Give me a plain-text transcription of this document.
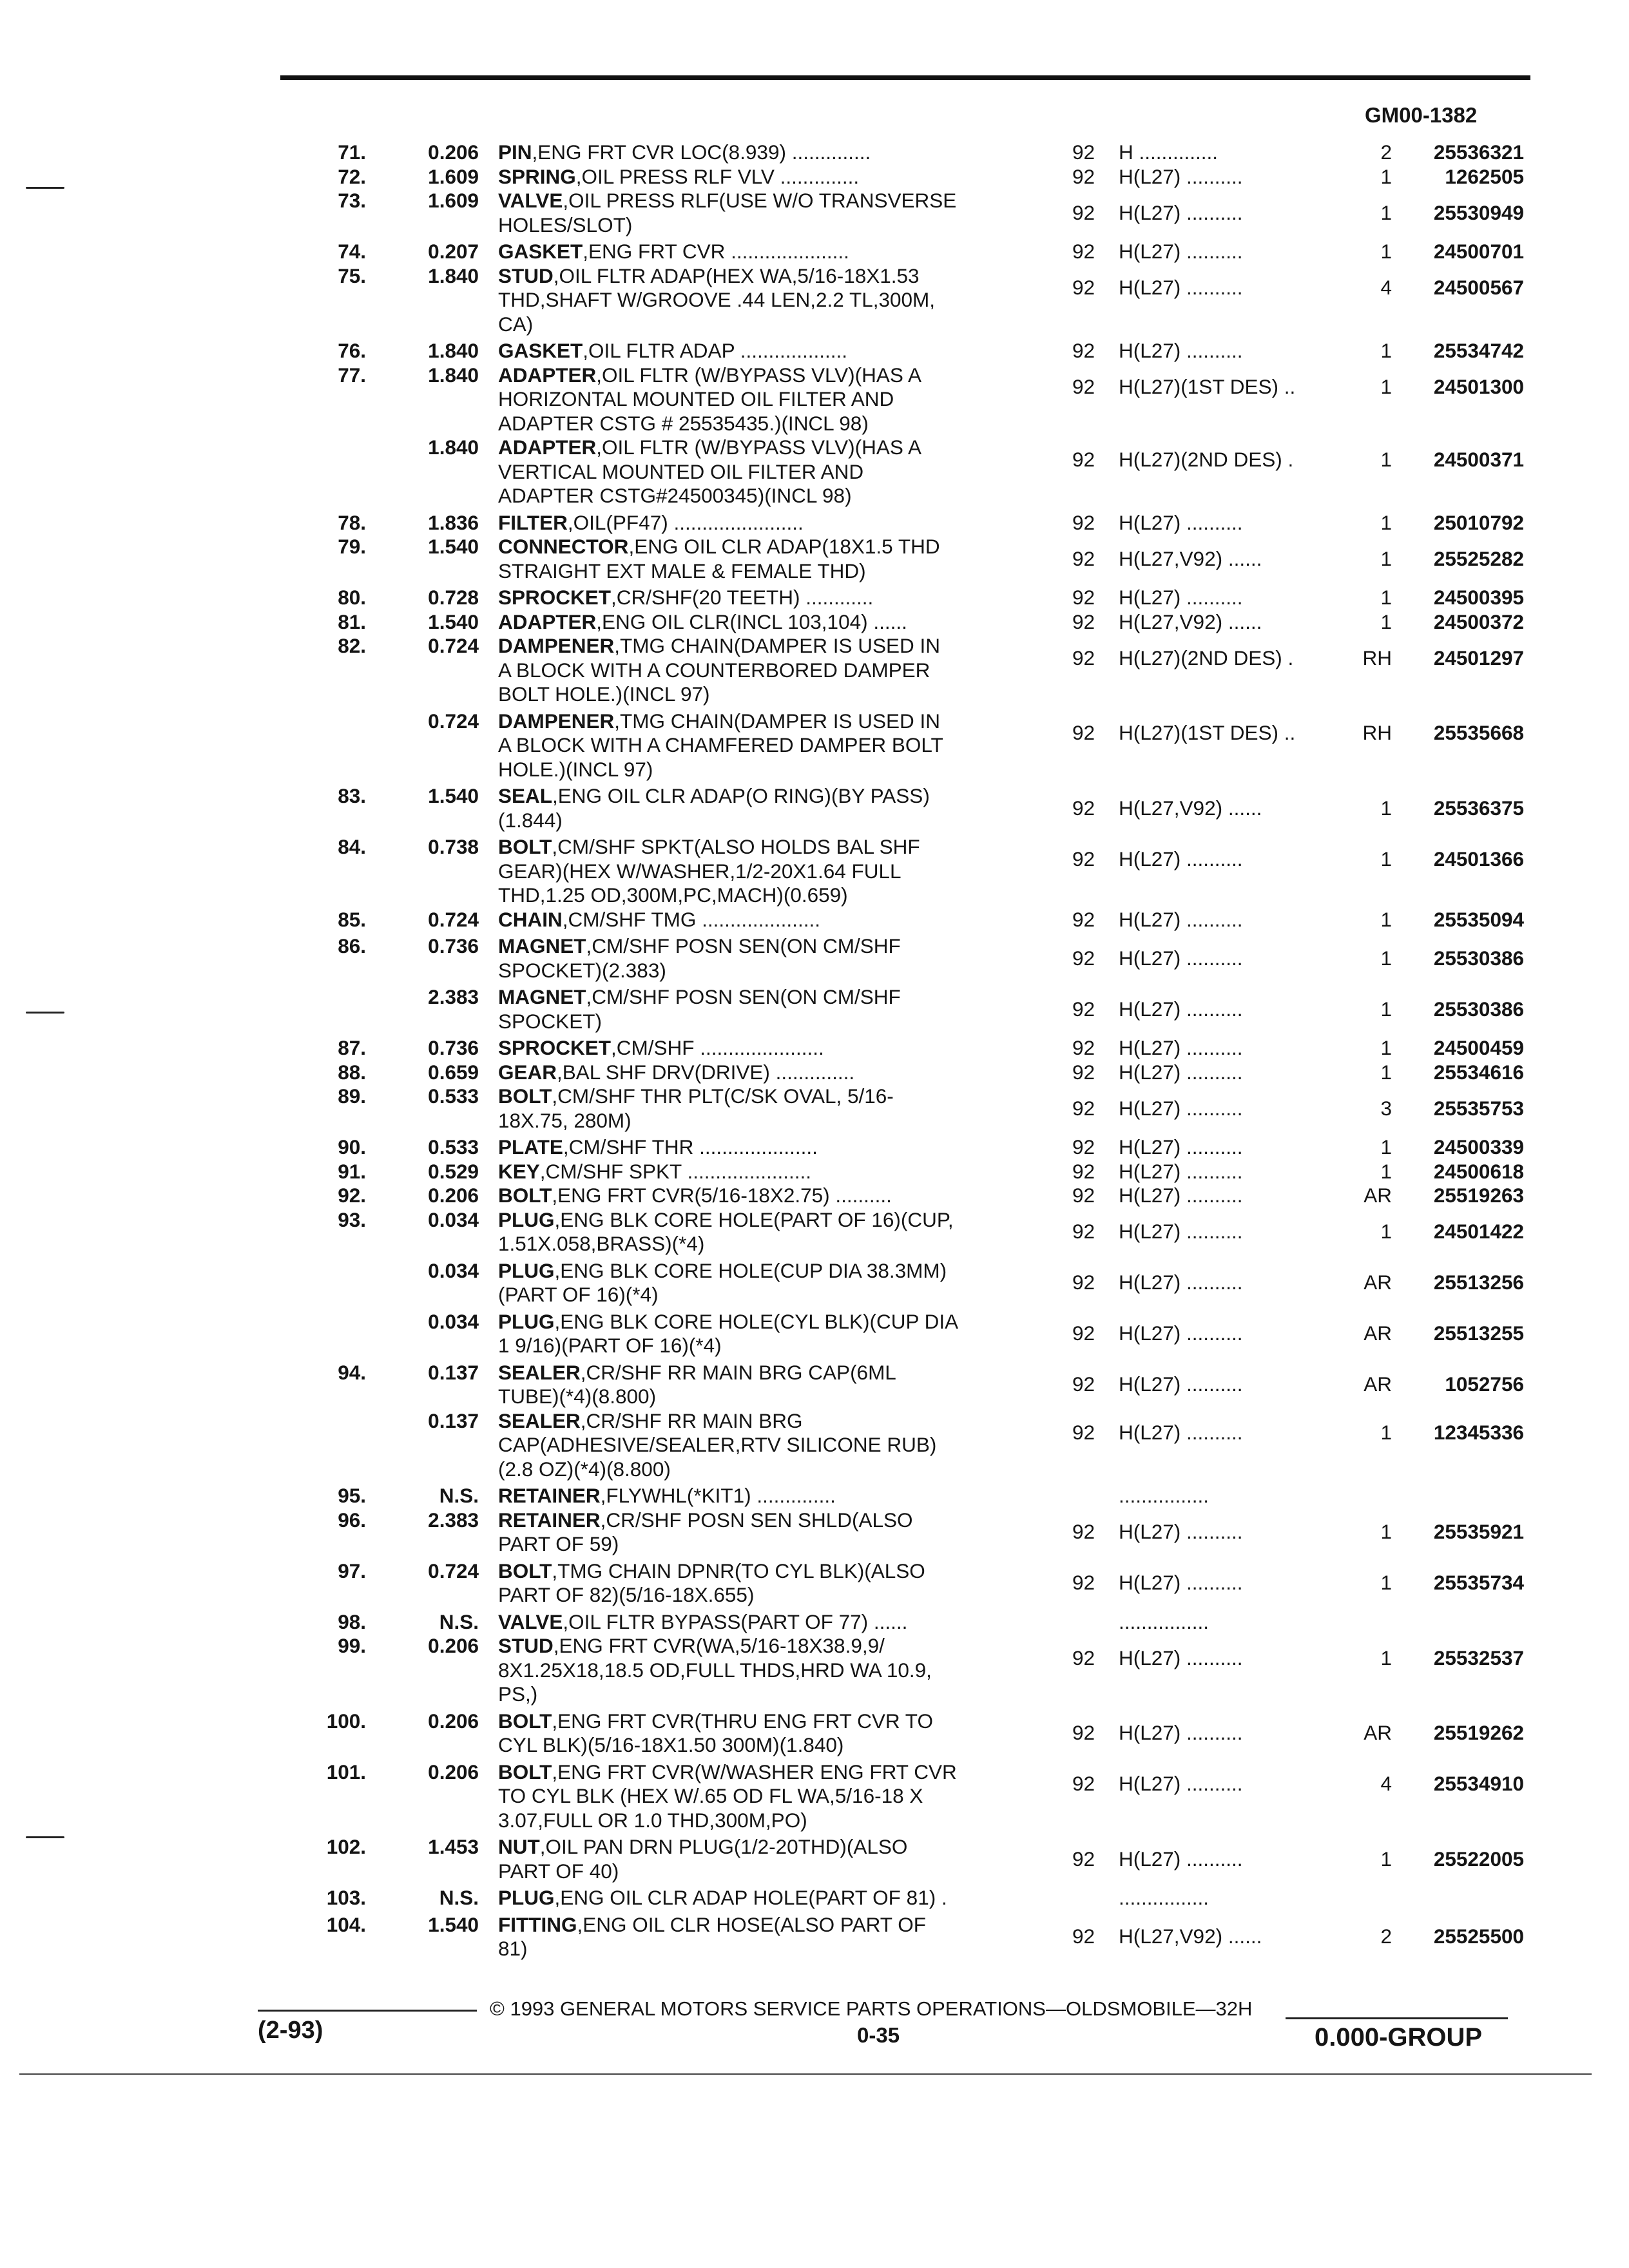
GM00-1382
71.	0.206 PIN,ENG FRT CVR LOC(8.939) ..............	92 H ..............	2 25536321
72.	1.609 SPRING,OIL PRESS RLF VLV ..............	92 H(L27) ..........	1	1262505
73.	1.609 VALVE,OIL PRESS RLF(USE W/O TRANSVERSE
HOLES/SLOT)
92 H(L27) ..........	1 25530949
74.	0.207 GASKET,ENG FRT CVR .....................	92 H(L27) ..........	1 24500701
75.	1.840 STUD,OIL FLTR ADAP(HEX WA,5/16-18X1.53
THD,SHAFT W/GROOVE .44 LEN,2.2 TL,300M,
CA)
92 H(L27) ..........	4 24500567
76.	1.840 GASKET,OIL FLTR ADAP ...................	92 H(L27) ..........	1 25534742
77.	1.840 ADAPTER,OIL FLTR (W/BYPASS VLV)(HAS A
HORIZONTAL MOUNTED OIL FILTER AND
ADAPTER CSTG # 25535435.)(INCL 98)
92 H(L27)(1ST DES) ..	1 24501300
1.840 ADAPTER,OIL FLTR (W/BYPASS VLV)(HAS A
VERTICAL MOUNTED OIL FILTER AND
ADAPTER CSTG#24500345)(INCL 98)
92 H(L27)(2ND DES) .	1 24500371
78.	1.836 FILTER,OIL(PF47) .......................	92 H(L27) ..........	1 25010792
79.	1.540 CONNECTOR,ENG OIL CLR ADAP(18X1.5 THD
STRAIGHT EXT MALE & FEMALE THD)
92 H(L27,V92) ......	1 25525282
80.	0.728 SPROCKET,CR/SHF(20 TEETH) ............	92 H(L27) ..........	1 24500395
81.	1.540 ADAPTER,ENG OIL CLR(INCL 103,104) ......	92 H(L27,V92) ......	1 24500372
82.	0.724 DAMPENER,TMG CHAIN(DAMPER IS USED IN
A BLOCK WITH A COUNTERBORED DAMPER
BOLT HOLE.)(INCL 97)
92 H(L27)(2ND DES) .	RH 24501297
0.724 DAMPENER,TMG CHAIN(DAMPER IS USED IN
A BLOCK WITH A CHAMFERED DAMPER BOLT
HOLE.)(INCL 97)
92 H(L27)(1ST DES) ..	RH 25535668
83.	1.540 SEAL,ENG OIL CLR ADAP(O RING)(BY PASS)
(1.844)
92 H(L27,V92) ......	1 25536375
84.	0.738 BOLT,CM/SHF SPKT(ALSO HOLDS BAL SHF
GEAR)(HEX W/WASHER,1/2-20X1.64 FULL
THD,1.25 OD,300M,PC,MACH)(0.659)
92 H(L27) ..........	1 24501366
85.	0.724 CHAIN,CM/SHF TMG .....................	92 H(L27) ..........	1 25535094
86.	0.736 MAGNET,CM/SHF POSN SEN(ON CM/SHF
SPOCKET)(2.383)
92 H(L27) ..........	1 25530386
2.383 MAGNET,CM/SHF POSN SEN(ON CM/SHF
SPOCKET)
92 H(L27) ..........	1 25530386
87.	0.736 SPROCKET,CM/SHF ......................	92 H(L27) ..........	1 24500459
88.	0.659 GEAR,BAL SHF DRV(DRIVE) ..............	92 H(L27) ..........	1 25534616
89.	0.533 BOLT,CM/SHF THR PLT(C/SK OVAL, 5/16-
18X.75, 280M)
92 H(L27) ..........	3 25535753
90.	0.533 PLATE,CM/SHF THR .....................	92 H(L27) ..........	1 24500339
91.	0.529 KEY,CM/SHF SPKT ......................	92 H(L27) ..........	1 24500618
92.	0.206 BOLT,ENG FRT CVR(5/16-18X2.75) ..........	92 H(L27) ..........	AR 25519263
93.	0.034 PLUG,ENG BLK CORE HOLE(PART OF 16)(CUP,
1.51X.058,BRASS)(*4)
92 H(L27) ..........	1 24501422
0.034 PLUG,ENG BLK CORE HOLE(CUP DIA 38.3MM)
(PART OF 16)(*4)
92 H(L27) ..........	AR 25513256
0.034 PLUG,ENG BLK CORE HOLE(CYL BLK)(CUP DIA
1 9/16)(PART OF 16)(*4)
92 H(L27) ..........	AR 25513255
94.	0.137 SEALER,CR/SHF RR MAIN BRG CAP(6ML
TUBE)(*4)(8.800)
92 H(L27) ..........	AR	1052756
0.137 SEALER,CR/SHF RR MAIN BRG
CAP(ADHESIVE/SEALER,RTV SILICONE RUB)
(2.8 OZ)(*4)(8.800)
92 H(L27) ..........	1 12345336
95.	N.S. RETAINER,FLYWHL(*KIT1) ..............	................
96.	2.383 RETAINER,CR/SHF POSN SEN SHLD(ALSO
PART OF 59)
92 H(L27) ..........	1 25535921
97.	0.724 BOLT,TMG CHAIN DPNR(TO CYL BLK)(ALSO
PART OF 82)(5/16-18X.655)
92 H(L27) ..........	1 25535734
98.	N.S. VALVE,OIL FLTR BYPASS(PART OF 77) ......	................
99.	0.206 STUD,ENG FRT CVR(WA,5/16-18X38.9,9/
8X1.25X18,18.5 OD,FULL THDS,HRD WA 10.9,
PS,)
92 H(L27) ..........	1 25532537
100.	0.206 BOLT,ENG FRT CVR(THRU ENG FRT CVR TO
CYL BLK)(5/16-18X1.50 300M)(1.840)
92 H(L27) ..........	AR 25519262
101.	0.206 BOLT,ENG FRT CVR(W/WASHER ENG FRT CVR
TO CYL BLK (HEX W/.65 OD FL WA,5/16-18 X
3.07,FULL OR 1.0 THD,300M,PO)
92 H(L27) ..........	4 25534910
102.	1.453 NUT,OIL PAN DRN PLUG(1/2-20THD)(ALSO
PART OF 40)
92 H(L27) ..........	1 25522005
103.	N.S. PLUG,ENG OIL CLR ADAP HOLE(PART OF 81) .	................
104.	1.540 FITTING,ENG OIL CLR HOSE(ALSO PART OF
81)
92 H(L27,V92) ......	2 25525500
© 1993 GENERAL MOTORS SERVICE PARTS OPERATIONS—OLDSMOBILE—32H
(2-93)	0-35	0.000-GROUP
